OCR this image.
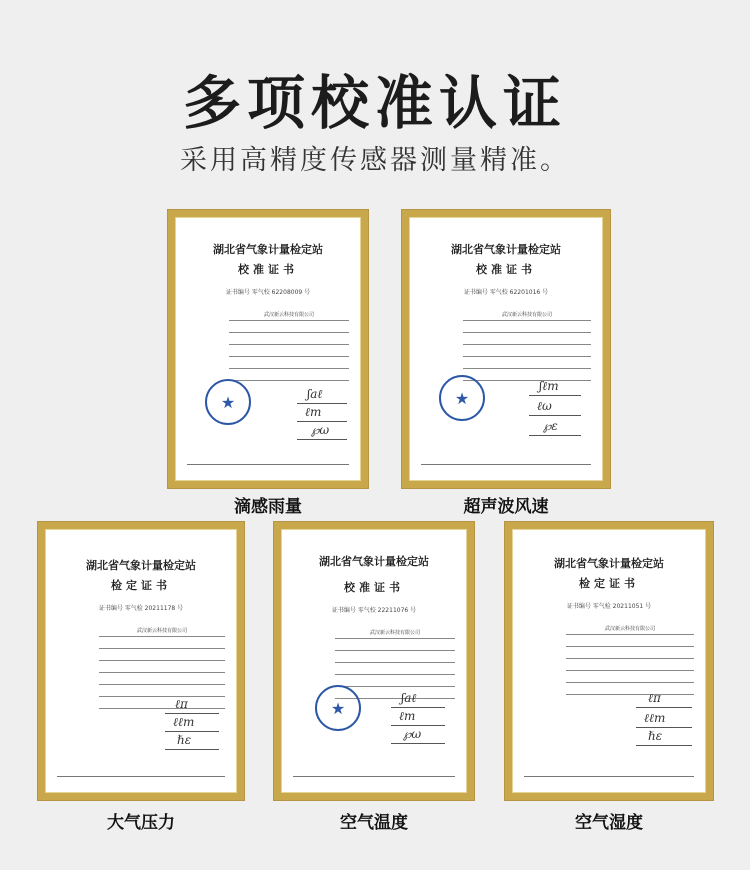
多项校准认证
采用高精度传感器测量精准。
湖北省气象计量检定站
校准证书
证书编号 零气校 62208009 号
武汉新云科技有限公司
★
ʃaℓ
ℓm
℘ω
滴感雨量
湖北省气象计量检定站
校准证书
证书编号 零气校 62201016 号
武汉新云科技有限公司
★
ʃℓm
ℓω
℘ε
超声波风速
湖北省气象计量检定站
检定证书
证书编号 零气检 20211178 号
武汉新云科技有限公司
ℓπ
ℓℓm
ℏε
大气压力
湖北省气象计量检定站
校准证书
证书编号 零气校 22211076 号
武汉新云科技有限公司
★
ʃaℓ
ℓm
℘ω
空气温度
湖北省气象计量检定站
检定证书
证书编号 零气检 20211051 号
武汉新云科技有限公司
ℓπ
ℓℓm
ℏε
空气湿度
